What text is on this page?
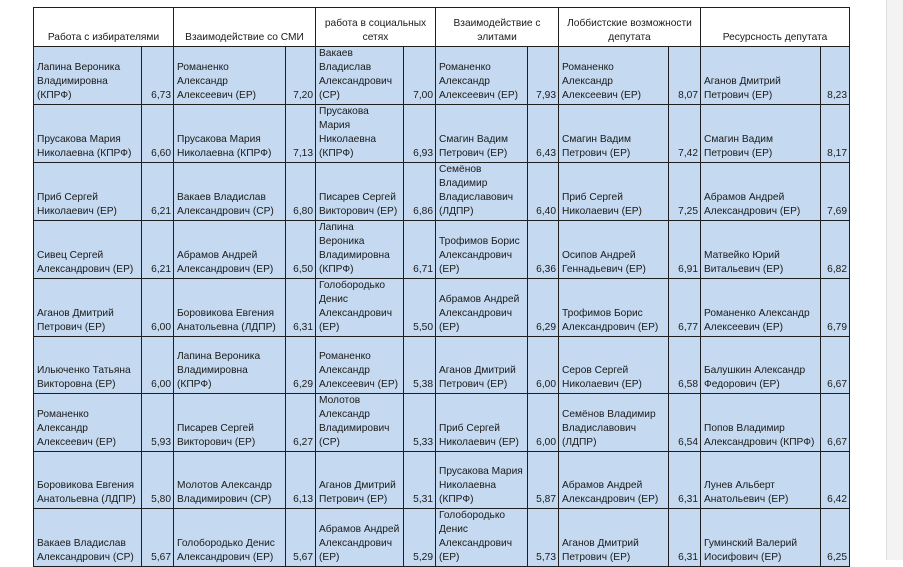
Работа с избирателями		Взаимодействие со СМИ		работа в социальных сетях		Взаимодействие с элитами		Лоббистские возможности депутата		Ресурсность депутата	
Лапина Вероника Владимировна (КПРФ)	6,73	Романенко Александр Алексеевич (ЕР)	7,20	Вакаев Владислав Александрович (СР)	7,00	Романенко Александр Алексеевич (ЕР)	7,93	Романенко Александр Алексеевич (ЕР)	8,07	Аганов Дмитрий Петрович (ЕР)	8,23
Прусакова Мария Николаевна (КПРФ)	6,60	Прусакова Мария Николаевна (КПРФ)	7,13	Прусакова Мария Николаевна (КПРФ)	6,93	Смагин Вадим Петрович (ЕР)	6,43	Смагин Вадим Петрович (ЕР)	7,42	Смагин Вадим Петрович (ЕР)	8,17
Приб Сергей Николаевич (ЕР)	6,21	Вакаев Владислав Александрович (СР)	6,80	Писарев Сергей Викторович (ЕР)	6,86	Семёнов Владимир Владиславович (ЛДПР)	6,40	Приб Сергей Николаевич (ЕР)	7,25	Абрамов Андрей Александрович (ЕР)	7,69
Сивец Сергей Александрович (ЕР)	6,21	Абрамов Андрей Александрович (ЕР)	6,50	Лапина Вероника Владимировна (КПРФ)	6,71	Трофимов Борис Александрович (ЕР)	6,36	Осипов Андрей Геннадьевич (ЕР)	6,91	Матвейко Юрий Витальевич (ЕР)	6,82
Аганов Дмитрий Петрович (ЕР)	6,00	Боровикова Евгения Анатольевна (ЛДПР)	6,31	Голобородько Денис Александрович (ЕР)	5,50	Абрамов Андрей Александрович (ЕР)	6,29	Трофимов Борис Александрович (ЕР)	6,77	Романенко Александр Алексеевич (ЕР)	6,79
Ильюченко Татьяна Викторовна (ЕР)	6,00	Лапина Вероника Владимировна (КПРФ)	6,29	Романенко Александр Алексеевич (ЕР)	5,38	Аганов Дмитрий Петрович (ЕР)	6,00	Серов Сергей Николаевич (ЕР)	6,58	Балушкин Александр Федорович (ЕР)	6,67
Романенко Александр Алексеевич (ЕР)	5,93	Писарев Сергей Викторович (ЕР)	6,27	Молотов Александр Владимирович (СР)	5,33	Приб Сергей Николаевич (ЕР)	6,00	Семёнов Владимир Владиславович (ЛДПР)	6,54	Попов Владимир Александрович (КПРФ)	6,67
Боровикова Евгения Анатольевна (ЛДПР)	5,80	Молотов Александр Владимирович (СР)	6,13	Аганов Дмитрий Петрович (ЕР)	5,31	Прусакова Мария Николаевна (КПРФ)	5,87	Абрамов Андрей Александрович (ЕР)	6,31	Лунев Альберт Анатольевич (ЕР)	6,42
Вакаев Владислав Александрович (СР)	5,67	Голобородько Денис Александрович (ЕР)	5,67	Абрамов Андрей Александрович (ЕР)	5,29	Голобородько Денис Александрович (ЕР)	5,73	Аганов Дмитрий Петрович (ЕР)	6,31	Гуминский Валерий Иосифович (ЕР)	6,25
